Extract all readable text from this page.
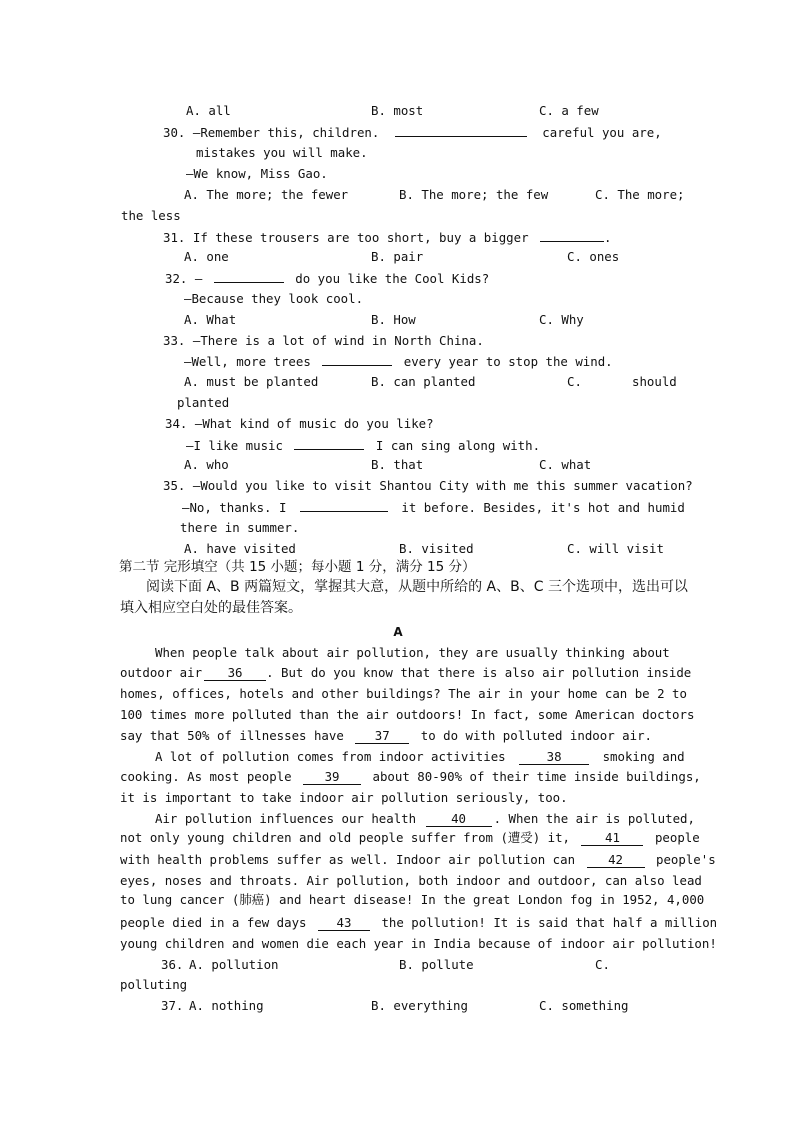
A. all	B. most	C. a few
30. —Remember this, children.	careful you are,
mistakes you will make.
—We know, Miss Gao.
A. The more; the fewer	B. The more; the few	C. The more;
the less
31. If these trousers are too short, buy a bigger	.
A. one	B. pair	C. ones
32. —	do you like the Cool Kids?
—Because they look cool.
A. What	B. How	C. Why
33. —There is a lot of wind in North China.
—Well, more trees	every year to stop the wind.
A. must be planted	B. can planted	C.	should
planted
34. —What kind of music do you like?
—I like music	I can sing along with.
A. who	B. that	C. what
35. —Would you like to visit Shantou City with me this summer vacation?
—No, thanks. I	it before. Besides, it's hot and humid
there in summer.
A. have visited	B. visited	C. will visit
第二节 完形填空（共 15 小题；每小题 1 分，满分 15 分）
阅读下面 A、B 两篇短文，掌握其大意，从题中所给的 A、B、C 三个选项中，选出可以
填入相应空白处的最佳答案。
A
When people talk about air pollution, they are usually thinking about
outdoor air 36 . But do you know that there is also air pollution inside
homes, offices, hotels and other buildings? The air in your home can be 2 to
100 times more polluted than the air outdoors! In fact, some American doctors
say that 50% of illnesses have	37	to do with polluted indoor air.
A lot of pollution comes from indoor activities	38	smoking and
cooking. As most people	39	about 80-90% of their time inside buildings,
it is important to take indoor air pollution seriously, too.
Air pollution influences our health	40 . When the air is polluted,
not only young children and old people suffer from (遭受) it,	41	people
with health problems suffer as well. Indoor air pollution can	42	people's
eyes, noses and throats. Air pollution, both indoor and outdoor, can also lead
to lung cancer (肺癌) and heart disease! In the great London fog in 1952, 4,000
people died in a few days 43 the pollution! It is said that half a million
young children and women die each year in India because of indoor air pollution!
36. A. pollution	B. pollute	C.
polluting
37. A. nothing	B. everything	C. something
